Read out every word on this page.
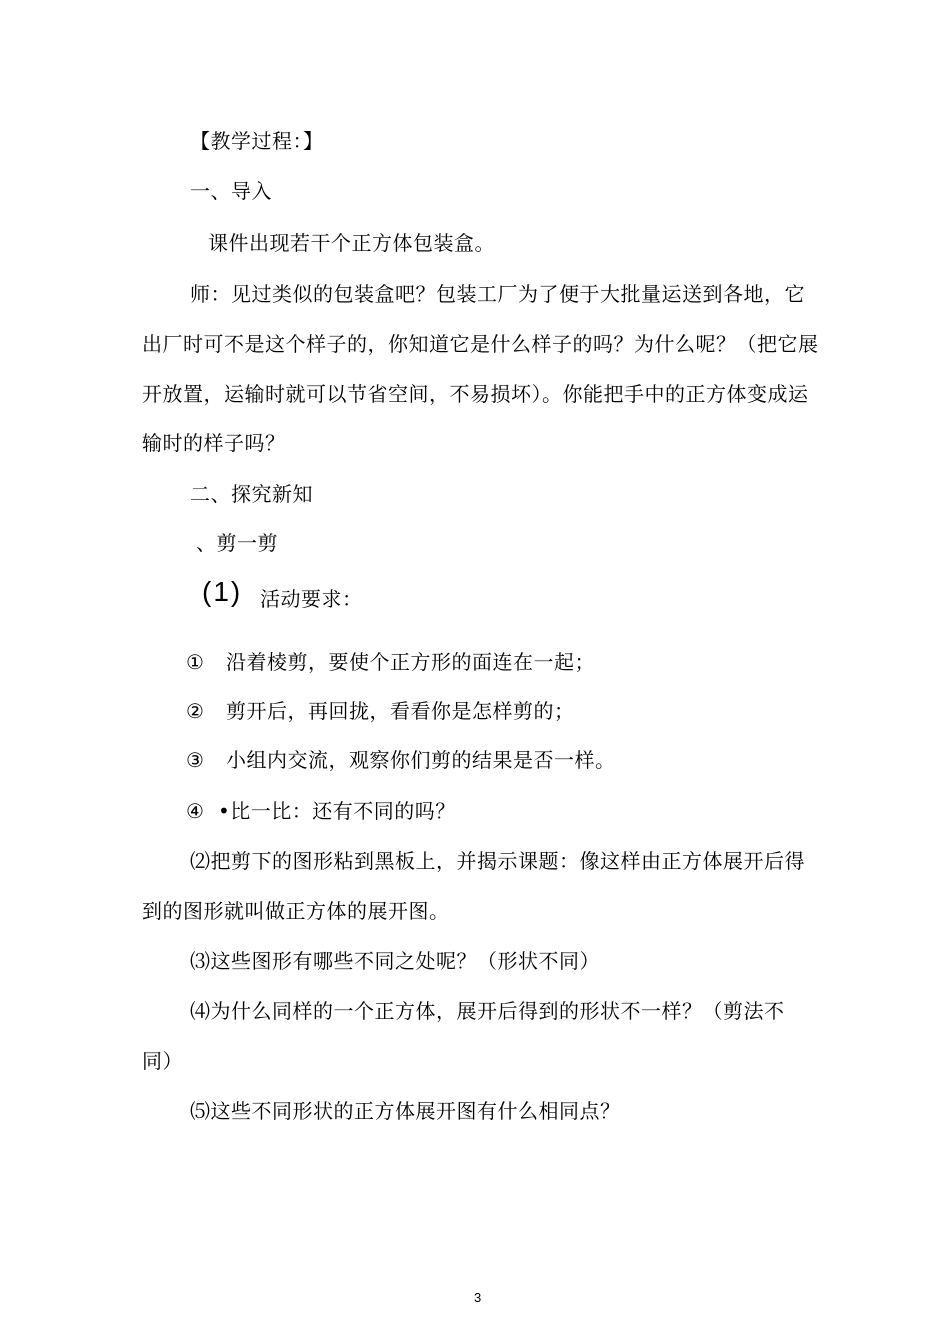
【教学过程：】
一、导入
课件出现若干个正方体包装盒。
师：见过类似的包装盒吧？包装工厂为了便于大批量运送到各地，它
出厂时可不是这个样子的，你知道它是什么样子的吗？为什么呢？（把它展
开放置，运输时就可以节省空间，不易损坏）。你能把手中的正方体变成运
输时的样子吗？
二、探究新知
、剪一剪
(1) 活动要求：
① 沿着棱剪，要使个正方形的面连在一起；
② 剪开后，再回拢，看看你是怎样剪的；
③ 小组内交流，观察你们剪的结果是否一样。
④ •比一比：还有不同的吗？
⑵把剪下的图形粘到黑板上，并揭示课题：像这样由正方体展开后得
到的图形就叫做正方体的展开图。
⑶这些图形有哪些不同之处呢？（形状不同）
⑷为什么同样的一个正方体，展开后得到的形状不一样？（剪法不
同）
⑸这些不同形状的正方体展开图有什么相同点？
3
